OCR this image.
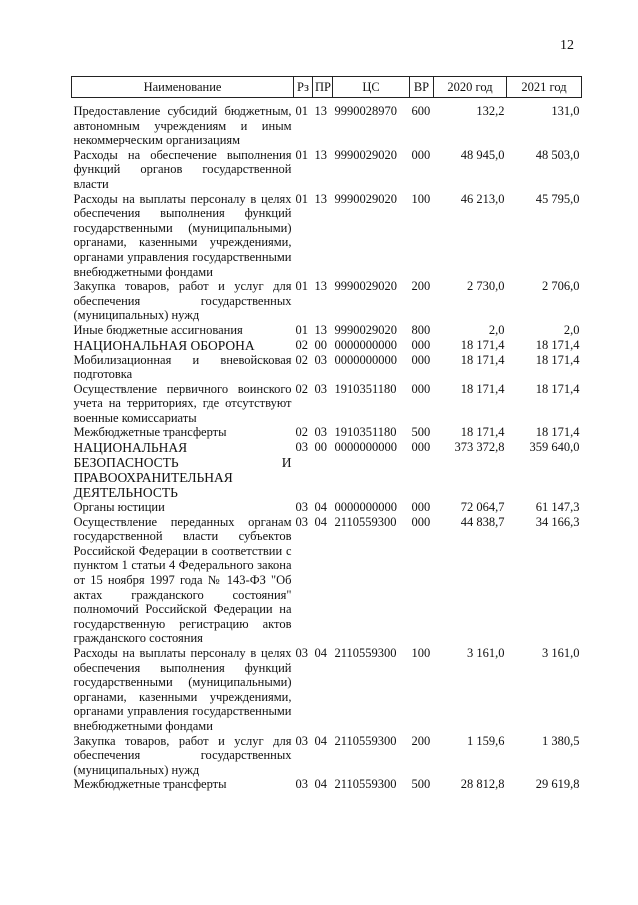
12
Наименование	Рз	ПР	ЦС	ВР	2020 год	2021 год
Предоставление субсидий бюджетным, автономным учреждениям и иным некоммерческим организациям	01	13	9990028970	600	132,2	131,0
Расходы на обеспечение выполнения функций органов государственной власти	01	13	9990029020	000	48 945,0	48 503,0
Расходы на выплаты персоналу в целях обеспечения выполнения функций государственными (муниципальными) органами, казенными учреждениями, органами управления государственными внебюджетными фондами	01	13	9990029020	100	46 213,0	45 795,0
Закупка товаров, работ и услуг для обеспечения государственных (муниципальных) нужд	01	13	9990029020	200	2 730,0	2 706,0
Иные бюджетные ассигнования	01	13	9990029020	800	2,0	2,0
НАЦИОНАЛЬНАЯ ОБОРОНА	02	00	0000000000	000	18 171,4	18 171,4
Мобилизационная и вневойсковая подготовка	02	03	0000000000	000	18 171,4	18 171,4
Осуществление первичного воинского учета на территориях, где отсутствуют военные комиссариаты	02	03	1910351180	000	18 171,4	18 171,4
Межбюджетные трансферты	02	03	1910351180	500	18 171,4	18 171,4
НАЦИОНАЛЬНАЯ БЕЗОПАСНОСТЬ И ПРАВООХРАНИТЕЛЬНАЯ ДЕЯТЕЛЬНОСТЬ	03	00	0000000000	000	373 372,8	359 640,0
Органы юстиции	03	04	0000000000	000	72 064,7	61 147,3
Осуществление переданных органам государственной власти субъектов Российской Федерации в соответствии с пунктом 1 статьи 4 Федерального закона от 15 ноября 1997 года № 143-ФЗ "Об актах гражданского состояния" полномочий Российской Федерации на государственную регистрацию актов гражданского состояния	03	04	2110559300	000	44 838,7	34 166,3
Расходы на выплаты персоналу в целях обеспечения выполнения функций государственными (муниципальными) органами, казенными учреждениями, органами управления государственными внебюджетными фондами	03	04	2110559300	100	3 161,0	3 161,0
Закупка товаров, работ и услуг для обеспечения государственных (муниципальных) нужд	03	04	2110559300	200	1 159,6	1 380,5
Межбюджетные трансферты	03	04	2110559300	500	28 812,8	29 619,8
